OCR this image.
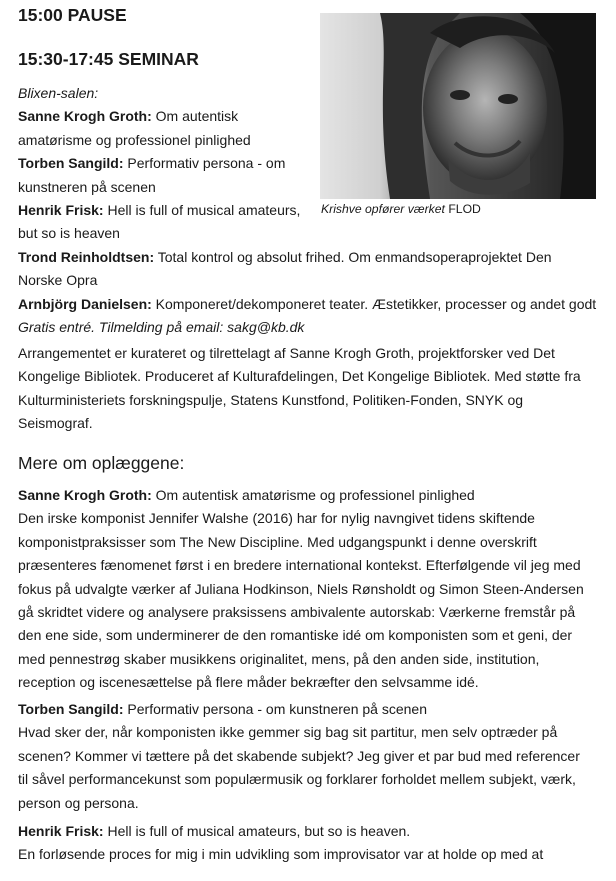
15:00 PAUSE
15:30-17:45 SEMINAR
Krishve opfører værket FLOD
Blixen-salen:
Sanne Krogh Groth: Om autentisk
amatørisme og professionel pinlighed
Torben Sangild: Performativ persona - om
kunstneren på scenen
Henrik Frisk: Hell is full of musical amateurs,
but so is heaven
Trond Reinholdtsen: Total kontrol og absolut frihed. Om enmandsoperaprojektet Den
Norske Opra
Arnbjörg Danielsen: Komponeret/dekomponeret teater. Æstetikker, processer og andet godt
Gratis entré. Tilmelding på email: sakg@kb.dk
Arrangementet er kurateret og tilrettelagt af Sanne Krogh Groth, projektforsker ved Det
Kongelige Bibliotek. Produceret af Kulturafdelingen, Det Kongelige Bibliotek. Med støtte fra
Kulturministeriets forskningspulje, Statens Kunstfond, Politiken-Fonden, SNYK og
Seismograf.
Mere om oplæggene:
Sanne Krogh Groth: Om autentisk amatørisme og professionel pinlighed
Den irske komponist Jennifer Walshe (2016) har for nylig navngivet tidens skiftende
komponistpraksisser som The New Discipline. Med udgangspunkt i denne overskrift
præsenteres fænomenet først i en bredere international kontekst. Efterfølgende vil jeg med
fokus på udvalgte værker af Juliana Hodkinson, Niels Rønsholdt og Simon Steen-Andersen
gå skridtet videre og analysere praksissens ambivalente autorskab: Værkerne fremstår på
den ene side, som underminerer de den romantiske idé om komponisten som et geni, der
med pennestrøg skaber musikkens originalitet, mens, på den anden side, institution,
reception og iscenesættelse på flere måder bekræfter den selvsamme idé.
Torben Sangild: Performativ persona - om kunstneren på scenen
Hvad sker der, når komponisten ikke gemmer sig bag sit partitur, men selv optræder på
scenen? Kommer vi tættere på det skabende subjekt? Jeg giver et par bud med referencer
til såvel performancekunst som populærmusik og forklarer forholdet mellem subjekt, værk,
person og persona.
Henrik Frisk: Hell is full of musical amateurs, but so is heaven.
En forløsende proces for mig i min udvikling som improvisator var at holde op med at
